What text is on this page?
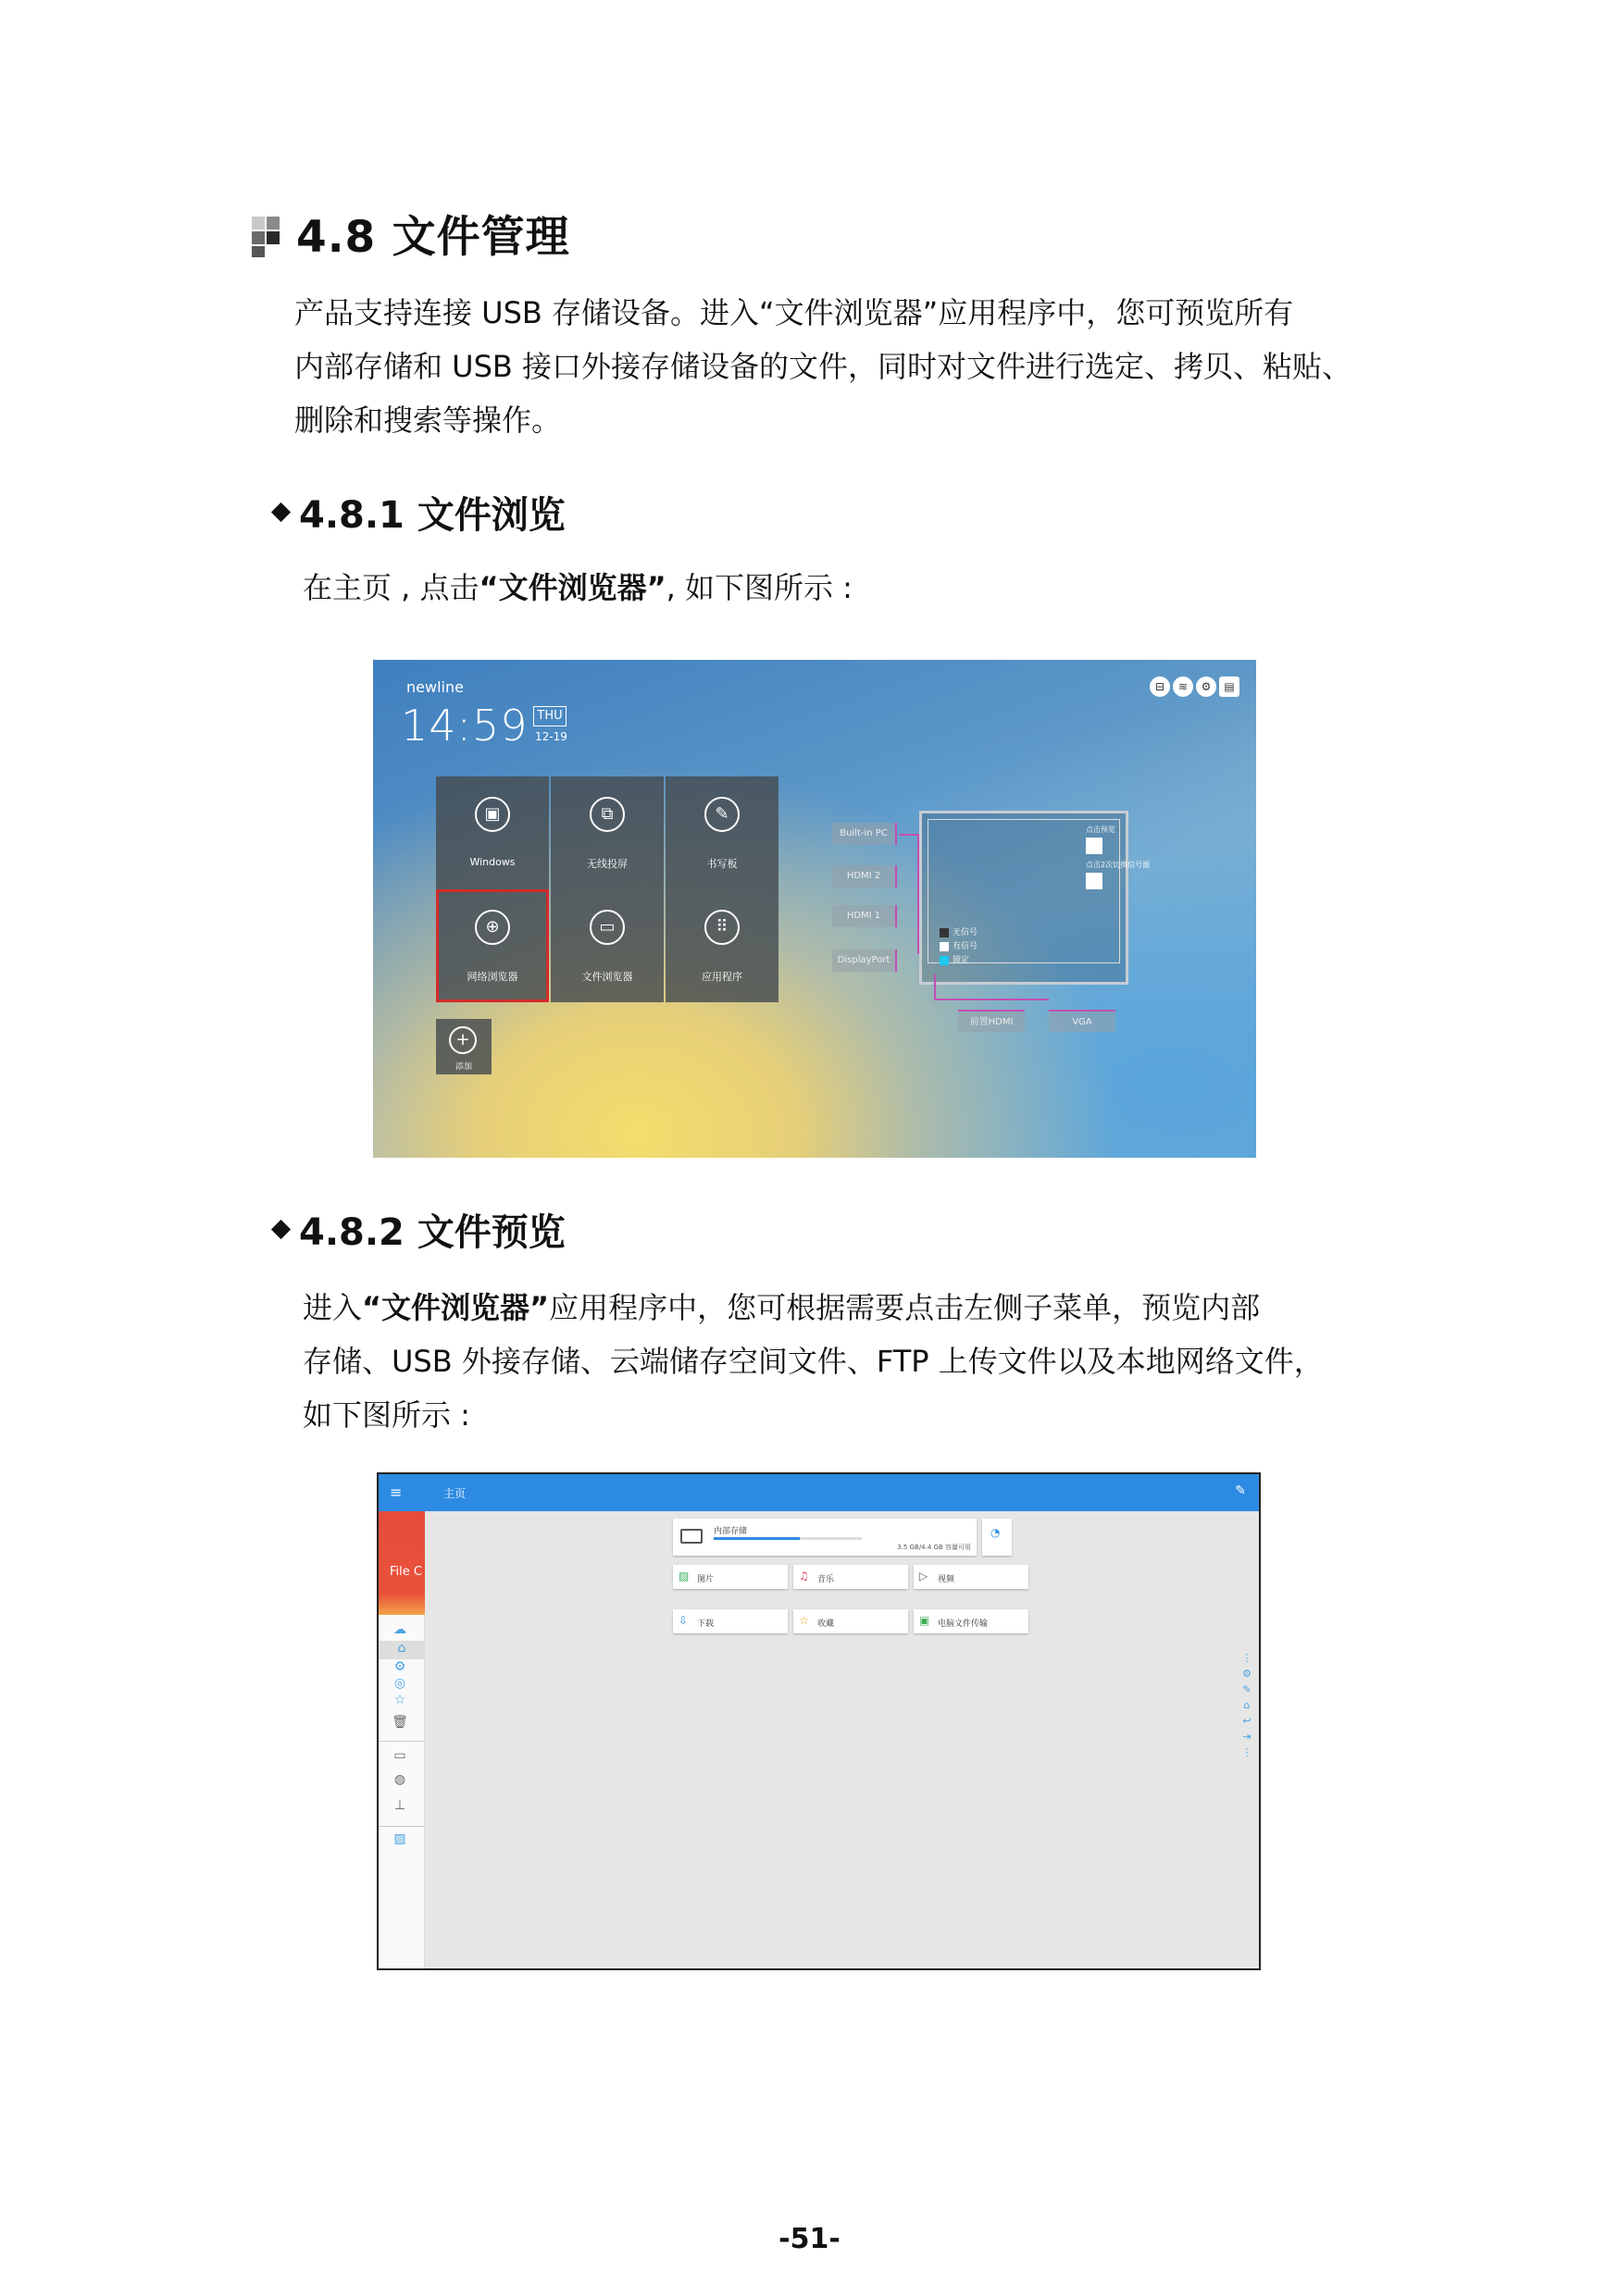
4.8 文件管理
产品支持连接 USB 存储设备。进入“文件浏览器”应用程序中，您可预览所有
内部存储和 USB 接口外接存储设备的文件，同时对文件进行选定、拷贝、粘贴、
删除和搜索等操作。
4.8.1 文件浏览
在主页 , 点击“文件浏览器”, 如下图所示 :
newline
14:59 THU
12-19
⊟	≋	⚙	▤
▣
Windows
⧉
无线投屏
✎
书写板
⊕
网络浏览器
▭
文件浏览器
⠿
应用程序
+
添加
Built-in PC
HDMI 2
HDMI 1
DisplayPort
点击预览
点击2次切换信号源
无信号
有信号
锁定
前置HDMI	VGA
4.8.2 文件预览
进入“文件浏览器”应用程序中，您可根据需要点击左侧子菜单，预览内部
存储、USB 外接存储、云端储存空间文件、FTP 上传文件以及本地网络文件，
如下图所示 :
≡	主页	✎
File C
☁
⌂
⚙
◎
☆
🗑
▭
◍
⊥
▨
内部存储
3.5 GB/4.4 GB 容量可用
◔
▨ 图片	♫ 音乐	▷ 视频
⇩ 下载	☆ 收藏	▣ 电脑文件传输
⋮
⚙
✎
⌂
↩
⇥
⋮
-51-
